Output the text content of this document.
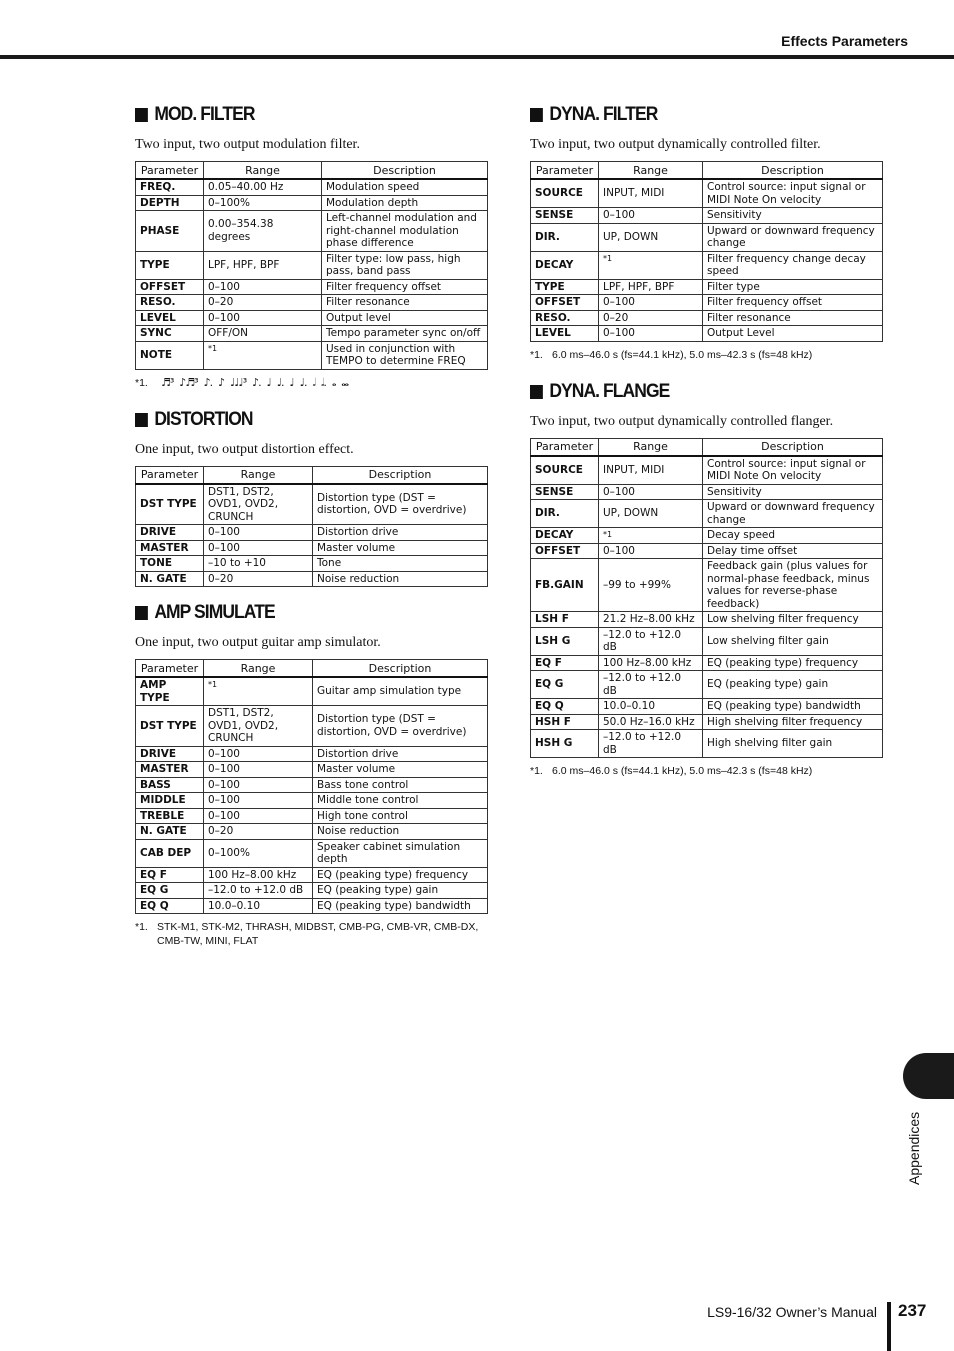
Effects Parameters
MOD. FILTER
Two input, two output modulation filter.
Parameter	Range	Description
FREQ.	0.05–40.00 Hz	Modulation speed
DEPTH	0–100%	Modulation depth
PHASE	0.00–354.38 degrees	Left-channel modulation and right-channel modulation phase difference
TYPE	LPF, HPF, BPF	Filter type: low pass, high pass, band pass
OFFSET	0–100	Filter frequency offset
RESO.	0–20	Filter resonance
LEVEL	0–100	Output level
SYNC	OFF/ON	Tempo parameter sync on/off
NOTE	*1	Used in conjunction with TEMPO to determine FREQ
*1.	♬³ ♪♬³ ♪. ♪ ♩♩♩³ ♪. ♩ ♩. ♩ ♩. 𝅗𝅥 𝅗𝅥. 𝅝 𝅝𝅝
DISTORTION
One input, two output distortion effect.
Parameter	Range	Description
DST TYPE	DST1, DST2, OVD1, OVD2, CRUNCH	Distortion type (DST = distortion, OVD = overdrive)
DRIVE	0–100	Distortion drive
MASTER	0–100	Master volume
TONE	–10 to +10	Tone
N. GATE	0–20	Noise reduction
AMP SIMULATE
One input, two output guitar amp simulator.
Parameter	Range	Description
AMP TYPE	*1	Guitar amp simulation type
DST TYPE	DST1, DST2, OVD1, OVD2, CRUNCH	Distortion type (DST = distortion, OVD = overdrive)
DRIVE	0–100	Distortion drive
MASTER	0–100	Master volume
BASS	0–100	Bass tone control
MIDDLE	0–100	Middle tone control
TREBLE	0–100	High tone control
N. GATE	0–20	Noise reduction
CAB DEP	0–100%	Speaker cabinet simulation depth
EQ F	100 Hz–8.00 kHz	EQ (peaking type) frequency
EQ G	–12.0 to +12.0 dB	EQ (peaking type) gain
EQ Q	10.0–0.10	EQ (peaking type) bandwidth
*1. STK-M1, STK-M2, THRASH, MIDBST, CMB-PG, CMB-VR, CMB-DX, CMB-TW, MINI, FLAT
DYNA. FILTER
Two input, two output dynamically controlled filter.
Parameter	Range	Description
SOURCE	INPUT, MIDI	Control source: input signal or MIDI Note On velocity
SENSE	0–100	Sensitivity
DIR.	UP, DOWN	Upward or downward frequency change
DECAY	*1	Filter frequency change decay speed
TYPE	LPF, HPF, BPF	Filter type
OFFSET	0–100	Filter frequency offset
RESO.	0–20	Filter resonance
LEVEL	0–100	Output Level
*1. 6.0 ms–46.0 s (fs=44.1 kHz), 5.0 ms–42.3 s (fs=48 kHz)
DYNA. FLANGE
Two input, two output dynamically controlled flanger.
Parameter	Range	Description
SOURCE	INPUT, MIDI	Control source: input signal or MIDI Note On velocity
SENSE	0–100	Sensitivity
DIR.	UP, DOWN	Upward or downward frequency change
DECAY	*1	Decay speed
OFFSET	0–100	Delay time offset
FB.GAIN	–99 to +99%	Feedback gain (plus values for normal-phase feedback, minus values for reverse-phase feedback)
LSH F	21.2 Hz–8.00 kHz	Low shelving filter frequency
LSH G	–12.0 to +12.0 dB	Low shelving filter gain
EQ F	100 Hz–8.00 kHz	EQ (peaking type) frequency
EQ G	–12.0 to +12.0 dB	EQ (peaking type) gain
EQ Q	10.0–0.10	EQ (peaking type) bandwidth
HSH F	50.0 Hz–16.0 kHz	High shelving filter frequency
HSH G	–12.0 to +12.0 dB	High shelving filter gain
*1. 6.0 ms–46.0 s (fs=44.1 kHz), 5.0 ms–42.3 s (fs=48 kHz)
Appendices
LS9-16/32 Owner’s Manual 237
